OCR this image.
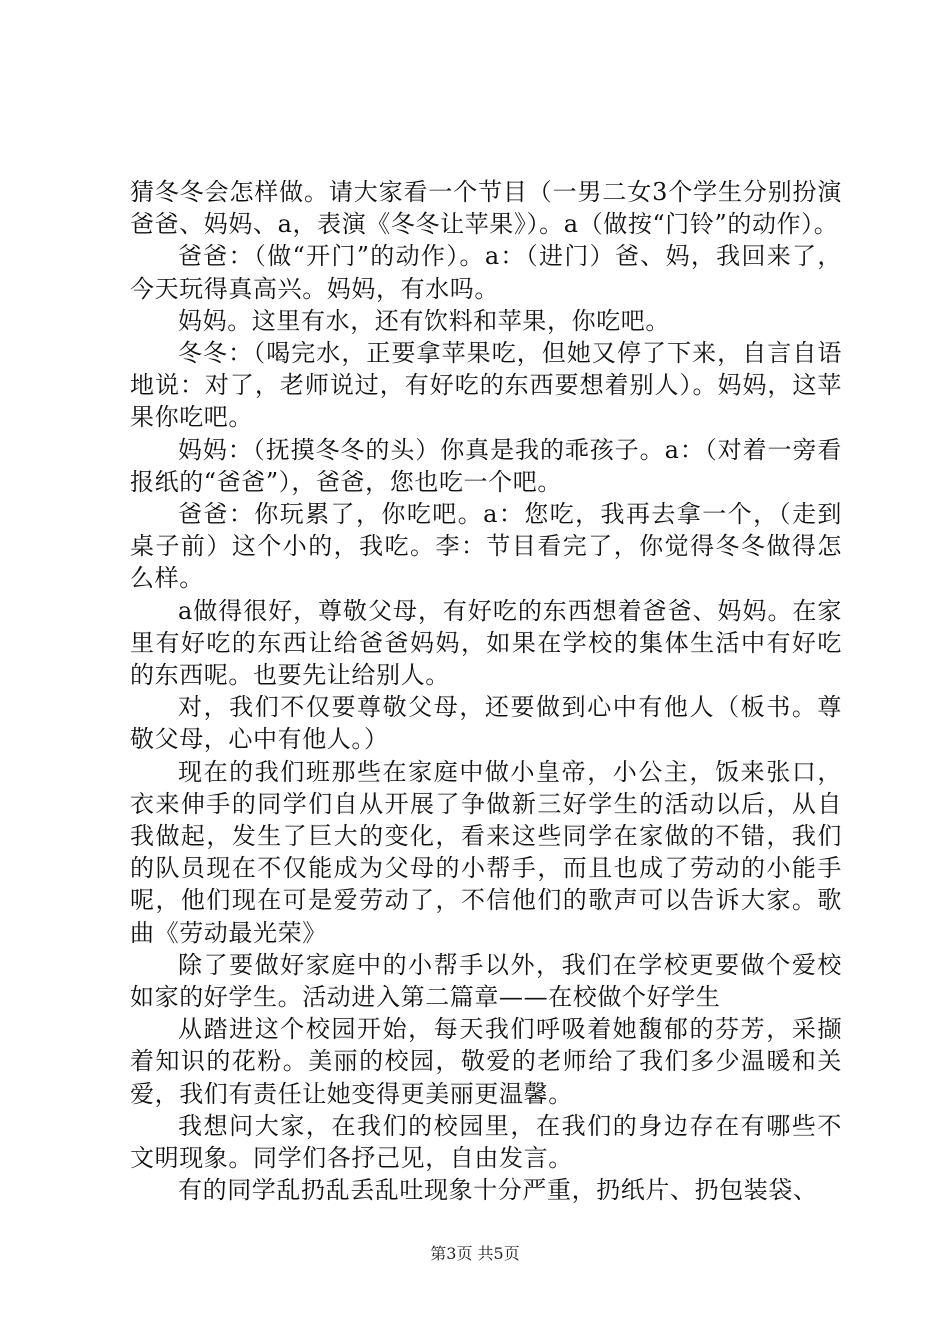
猜冬冬会怎样做。请大家看一个节目（一男二女3个学生分别扮演爸爸、妈妈、a，表演《冬冬让苹果》）。a（做按“门铃”的动作）。

爸爸：（做“开门”的动作）。a：（进门）爸、妈，我回来了，今天玩得真高兴。妈妈，有水吗。

妈妈。这里有水，还有饮料和苹果，你吃吧。

冬冬：（喝完水，正要拿苹果吃，但她又停了下来，自言自语地说：对了，老师说过，有好吃的东西要想着别人）。妈妈，这苹果你吃吧。

妈妈：（抚摸冬冬的头）你真是我的乖孩子。a：（对着一旁看报纸的“爸爸”），爸爸，您也吃一个吧。

爸爸：你玩累了，你吃吧。a：您吃，我再去拿一个，（走到桌子前）这个小的，我吃。李：节目看完了，你觉得冬冬做得怎么样。

a做得很好，尊敬父母，有好吃的东西想着爸爸、妈妈。在家里有好吃的东西让给爸爸妈妈，如果在学校的集体生活中有好吃的东西呢。也要先让给别人。

对，我们不仅要尊敬父母，还要做到心中有他人（板书。尊敬父母，心中有他人。）

现在的我们班那些在家庭中做小皇帝，小公主，饭来张口，衣来伸手的同学们自从开展了争做新三好学生的活动以后，从自我做起，发生了巨大的变化，看来这些同学在家做的不错，我们的队员现在不仅能成为父母的小帮手，而且也成了劳动的小能手呢，他们现在可是爱劳动了，不信他们的歌声可以告诉大家。歌曲《劳动最光荣》

除了要做好家庭中的小帮手以外，我们在学校更要做个爱校如家的好学生。活动进入第二篇章——在校做个好学生

从踏进这个校园开始，每天我们呼吸着她馥郁的芬芳，采撷着知识的花粉。美丽的校园，敬爱的老师给了我们多少温暖和关爱，我们有责任让她变得更美丽更温馨。

我想问大家，在我们的校园里，在我们的身边存在有哪些不文明现象。同学们各抒己见，自由发言。

有的同学乱扔乱丢乱吐现象十分严重，扔纸片、扔包装袋、

第3页 共5页
